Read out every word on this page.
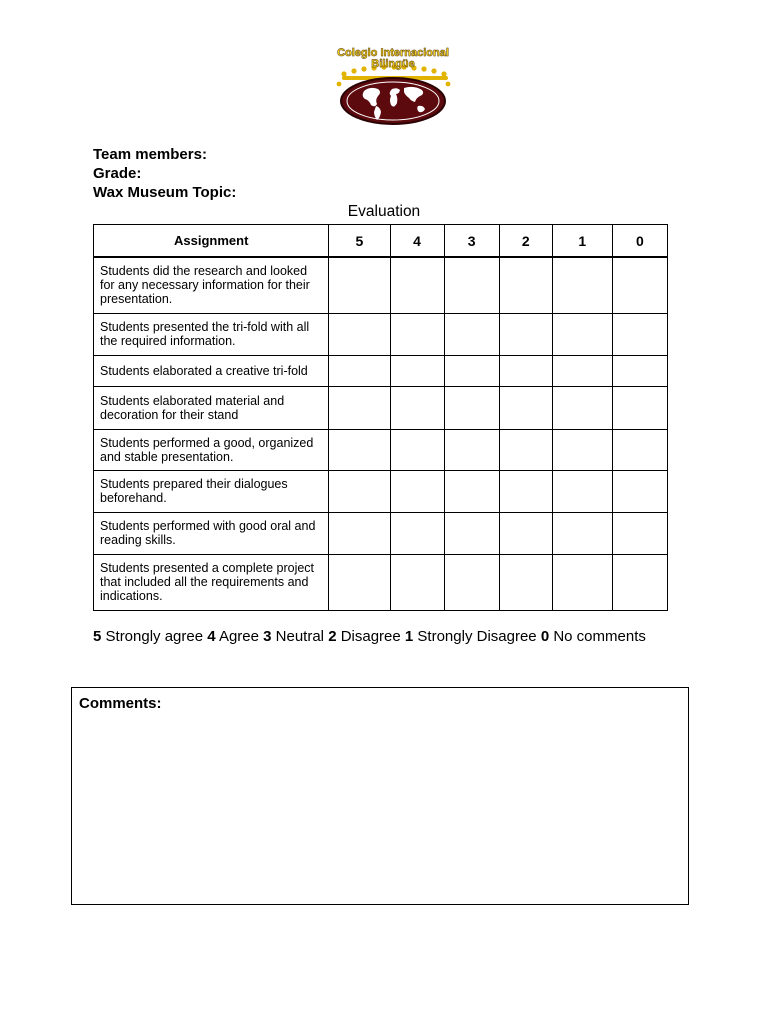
Colegio Internacional
Bilingüe
Team members:
Grade:
Wax Museum Topic:
Evaluation
Assignment	5	4	3	2	1	0
Students did the research and looked for any necessary information for their presentation.						
Students presented the tri-fold with all the required information.						
Students elaborated a creative tri-fold						
Students elaborated material and decoration for their stand						
Students performed a good, organized and stable presentation.						
Students prepared their dialogues beforehand.						
Students performed with good oral and reading skills.						
Students presented a complete project that included all the requirements and indications.						
5 Strongly agree 4 Agree 3 Neutral 2 Disagree 1 Strongly Disagree 0 No comments
Comments:
